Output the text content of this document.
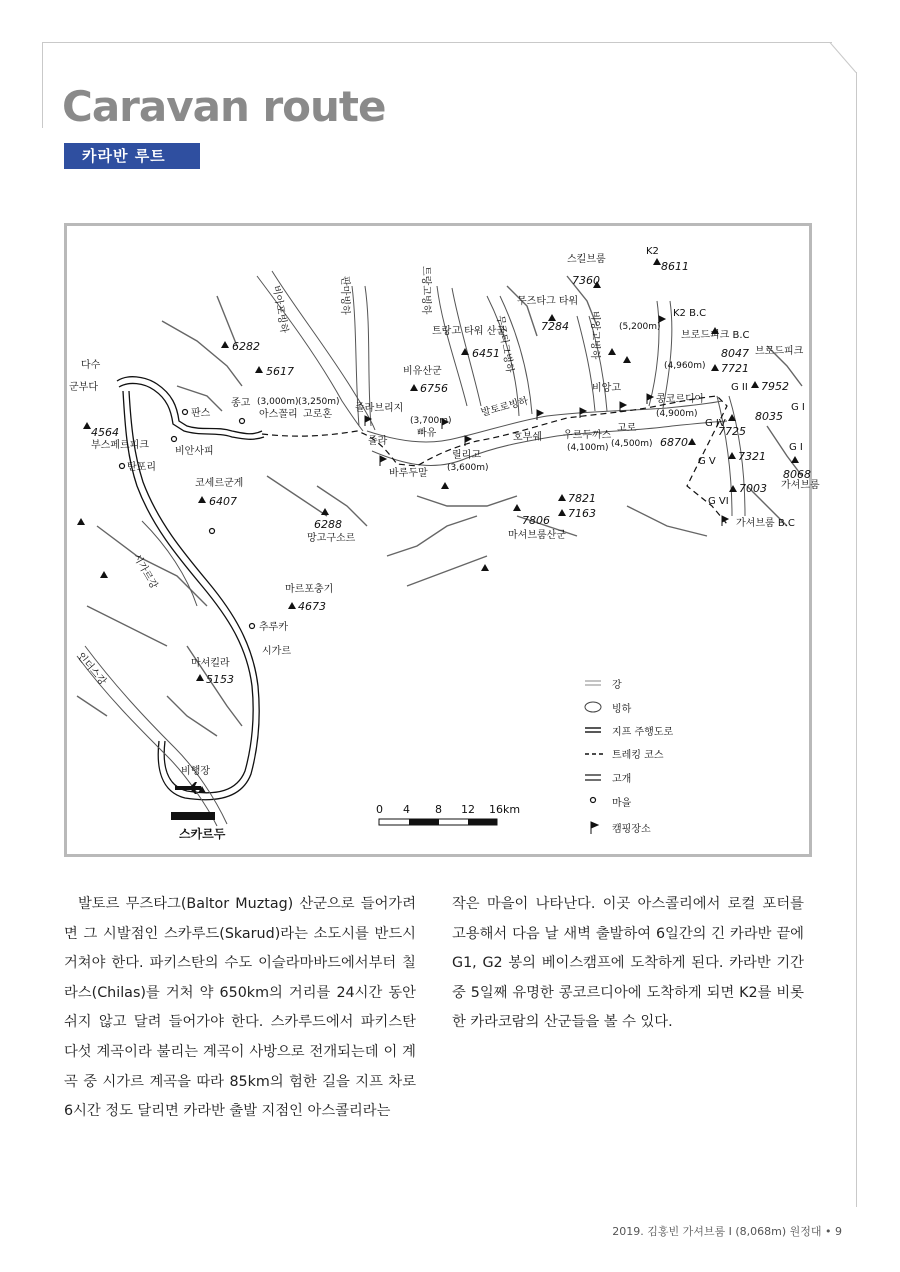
Caravan route
카라반 루트
K2
8611
스킬브룸
7360
무즈타그 타워
7284
트랑고 타워 산군
6451
비유산군
6756
6282
5617
4564
코세르군게
6407
6288
망고구소르
마르포충기
4673
마셔킬라
5153
브로드피크 B.C
8047
7721
7952
8035
7725
6870
7321
8068
7003
7806
마셔브룸산군
7821
7163
다수
군부다
부스페르피크
탄포리
비안사피
판스
종고 (3,000m) (3,250m)
아스꼴리 고로혼
졸라브리지
졸라
바루두말
(3,700m)
빠유
릴리고
(3,600m)
호부쉐 우르두까스
(4,100m)
고로
(4,500m)
비앙고
콩코르디아
(4,900m)
K2 B.C
(5,200m)
(4,960m)
브로드피크
가셔브룸 B.C
가셔브룸
추루카
시가르
비행장
스카르두
시가르강
인더스강
비아포빙하	판마빙하	트랑고빙하
무즈타그빙하	비앙고빙하
발토로빙하
G II
G I
G IV
G V
G VI
G I
0 4 8 12 16km
강
빙하
지프 주행도로
트레킹 코스
고개
마을
캠핑장소

발토르 무즈타그(Baltor Muztag) 산군으로 들어가려면 그 시발점인 스카루드(Skarud)라는 소도시를 반드시 거쳐야 한다. 파키스탄의 수도 이슬라마바드에서부터 칠라스(Chilas)를 거처 약 650km의 거리를 24시간 동안 쉬지 않고 달려 들어가야 한다. 스카루드에서 파키스탄 다섯 계곡이라 불리는 계곡이 사방으로 전개되는데 이 계곡 중 시가르 계곡을 따라 85km의 험한 길을 지프 차로 6시간 정도 달리면 카라반 출발 지점인 아스콜리라는

작은 마을이 나타난다. 이곳 아스콜리에서 로컬 포터를 고용해서 다음 날 새벽 출발하여 6일간의 긴 카라반 끝에 G1, G2 봉의 베이스캠프에 도착하게 된다. 카라반 기간 중 5일째 유명한 콩코르디아에 도착하게 되면 K2를 비롯한 카라코람의 산군들을 볼 수 있다.

2019. 김홍빈 가셔브룸 I (8,068m) 원정대 • 9
